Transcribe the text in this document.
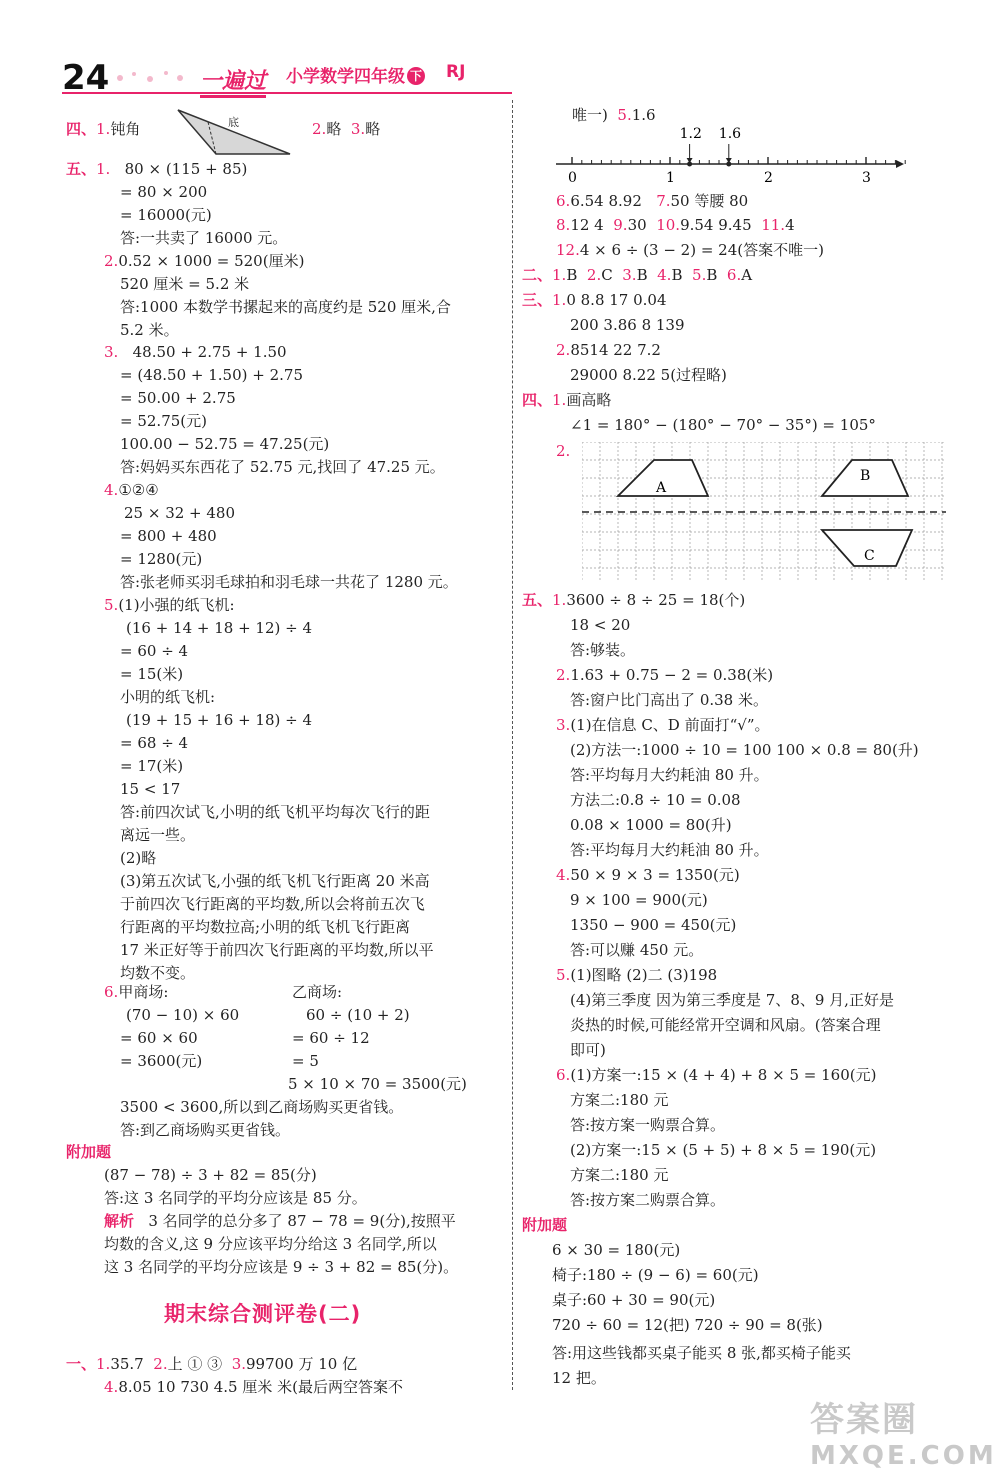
24	一遍过 小学数学四年级 下 RJ
四、1.钝角	底	2.略 3.略
五、1. 80 × (115 + 85)
= 80 × 200
= 16000(元)
答:一共卖了 16000 元。
2.0.52 × 1000 = 520(厘米)
520 厘米 = 5.2 米
答:1000 本数学书摞起来的高度约是 520 厘米,合
5.2 米。
3. 48.50 + 2.75 + 1.50
= (48.50 + 1.50) + 2.75
= 50.00 + 2.75
= 52.75(元)
100.00 − 52.75 = 47.25(元)
答:妈妈买东西花了 52.75 元,找回了 47.25 元。
4.①②④
25 × 32 + 480
= 800 + 480
= 1280(元)
答:张老师买羽毛球拍和羽毛球一共花了 1280 元。
5.(1)小强的纸飞机:
(16 + 14 + 18 + 12) ÷ 4
= 60 ÷ 4
= 15(米)
小明的纸飞机:
(19 + 15 + 16 + 18) ÷ 4
= 68 ÷ 4
= 17(米)
15 < 17
答:前四次试飞,小明的纸飞机平均每次飞行的距
离远一些。
(2)略
(3)第五次试飞,小强的纸飞机飞行距离 20 米高
于前四次飞行距离的平均数,所以会将前五次飞
行距离的平均数拉高;小明的纸飞机飞行距离
17 米正好等于前四次飞行距离的平均数,所以平
均数不变。
6.甲商场:
(70 − 10) × 60
= 60 × 60
= 3600(元)
乙商场:
60 ÷ (10 + 2)
= 60 ÷ 12
= 5
5 × 10 × 70 = 3500(元)
3500 < 3600,所以到乙商场购买更省钱。
答:到乙商场购买更省钱。
附加题
(87 − 78) ÷ 3 + 82 = 85(分)
答:这 3 名同学的平均分应该是 85 分。
解析 3 名同学的总分多了 87 − 78 = 9(分),按照平
均数的含义,这 9 分应该平均分给这 3 名同学,所以
这 3 名同学的平均分应该是 9 ÷ 3 + 82 = 85(分)。
期末综合测评卷(二)
一、1.35.7 2.上 ① ③ 3.99700 万 10 亿
4.8.05 10 730 4.5 厘米 米(最后两空答案不
唯一) 5.1.6
0	1	2	3
1.2 1.6
6.6.54 8.92 7.50 等腰 80
8.12 4 9.30 10.9.54 9.45 11.4
12.4 × 6 ÷ (3 − 2) = 24(答案不唯一)
二、1.B 2.C 3.B 4.B 5.B 6.A
三、1.0 8.8 17 0.04
200 3.86 8 139
2.8514 22 7.2
29000 8.22 5(过程略)
四、1.画高略
∠1 = 180° − (180° − 70° − 35°) = 105°
2.
A
B
C
五、1.3600 ÷ 8 ÷ 25 = 18(个)
18 < 20
答:够装。
2.1.63 + 0.75 − 2 = 0.38(米)
答:窗户比门高出了 0.38 米。
3.(1)在信息 C、D 前面打“√”。
(2)方法一:1000 ÷ 10 = 100 100 × 0.8 = 80(升)
答:平均每月大约耗油 80 升。
方法二:0.8 ÷ 10 = 0.08
0.08 × 1000 = 80(升)
答:平均每月大约耗油 80 升。
4.50 × 9 × 3 = 1350(元)
9 × 100 = 900(元)
1350 − 900 = 450(元)
答:可以赚 450 元。
5.(1)图略 (2)二 (3)198
(4)第三季度 因为第三季度是 7、8、9 月,正好是
炎热的时候,可能经常开空调和风扇。(答案合理
即可)
6.(1)方案一:15 × (4 + 4) + 8 × 5 = 160(元)
方案二:180 元
答:按方案一购票合算。
(2)方案一:15 × (5 + 5) + 8 × 5 = 190(元)
方案二:180 元
答:按方案二购票合算。
附加题
6 × 30 = 180(元)
椅子:180 ÷ (9 − 6) = 60(元)
桌子:60 + 30 = 90(元)
720 ÷ 60 = 12(把) 720 ÷ 90 = 8(张)
答:用这些钱都买桌子能买 8 张,都买椅子能买
12 把。
答案圈
MXQE.COM
